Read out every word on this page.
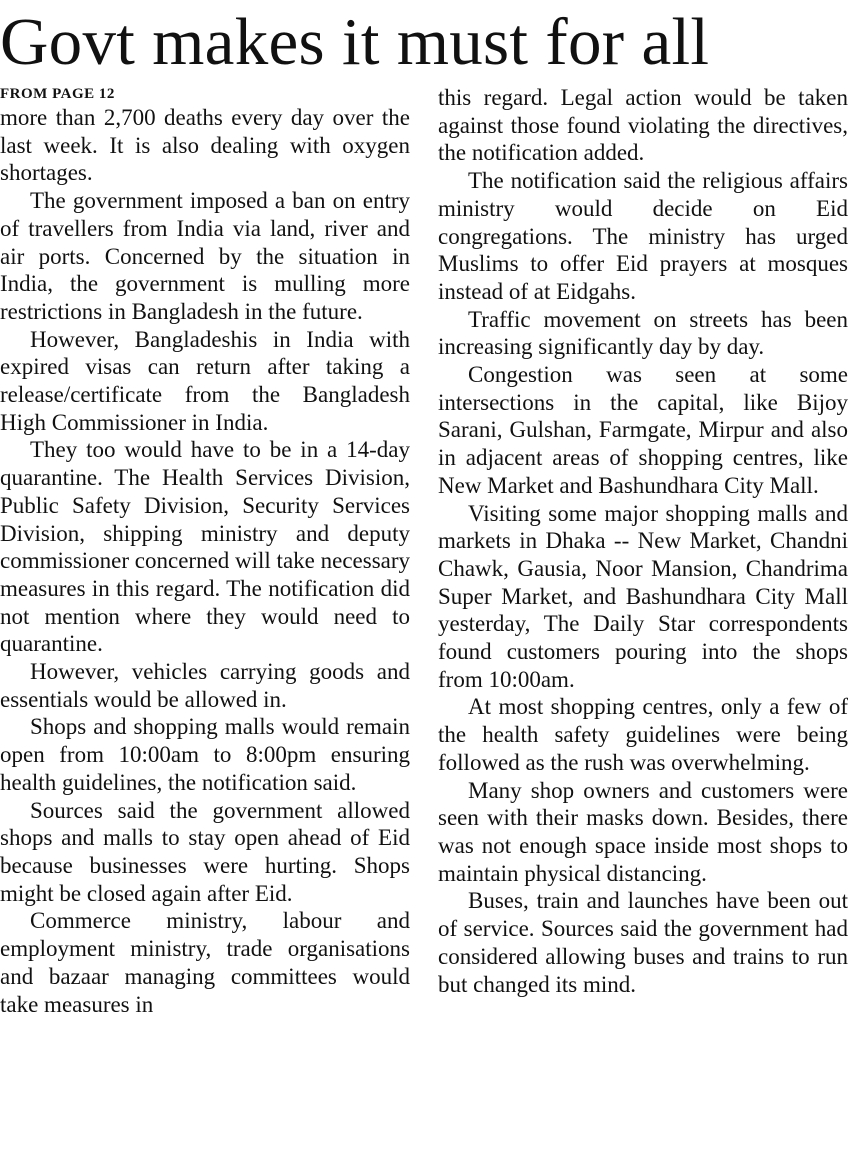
Govt makes it must for all
FROM PAGE 12

more than 2,700 deaths every day over the last week. It is also dealing with oxygen shortages.

The government imposed a ban on entry of travellers from India via land, river and air ports. Concerned by the situation in India, the government is mulling more restrictions in Bangladesh in the future.

However, Bangladeshis in India with expired visas can return after taking a release/certificate from the Bangladesh High Commissioner in India.

They too would have to be in a 14-day quarantine. The Health Services Division, Public Safety Division, Security Services Division, shipping ministry and deputy commissioner concerned will take necessary measures in this regard. The notification did not mention where they would need to quarantine.

However, vehicles carrying goods and essentials would be allowed in.

Shops and shopping malls would remain open from 10:00am to 8:00pm ensuring health guidelines, the notification said.

Sources said the government allowed shops and malls to stay open ahead of Eid because businesses were hurting. Shops might be closed again after Eid.

Commerce ministry, labour and employment ministry, trade organisations and bazaar managing committees would take measures in

this regard. Legal action would be taken against those found violating the directives, the notification added.

The notification said the religious affairs ministry would decide on Eid congregations. The ministry has urged Muslims to offer Eid prayers at mosques instead of at Eidgahs.

Traffic movement on streets has been increasing significantly day by day.

Congestion was seen at some intersections in the capital, like Bijoy Sarani, Gulshan, Farmgate, Mirpur and also in adjacent areas of shopping centres, like New Market and Bashundhara City Mall.

Visiting some major shopping malls and markets in Dhaka -- New Market, Chandni Chawk, Gausia, Noor Mansion, Chandrima Super Market, and Bashundhara City Mall yesterday, The Daily Star correspondents found customers pouring into the shops from 10:00am.

At most shopping centres, only a few of the health safety guidelines were being followed as the rush was overwhelming.

Many shop owners and customers were seen with their masks down. Besides, there was not enough space inside most shops to maintain physical distancing.

Buses, train and launches have been out of service. Sources said the government had considered allowing buses and trains to run but changed its mind.
